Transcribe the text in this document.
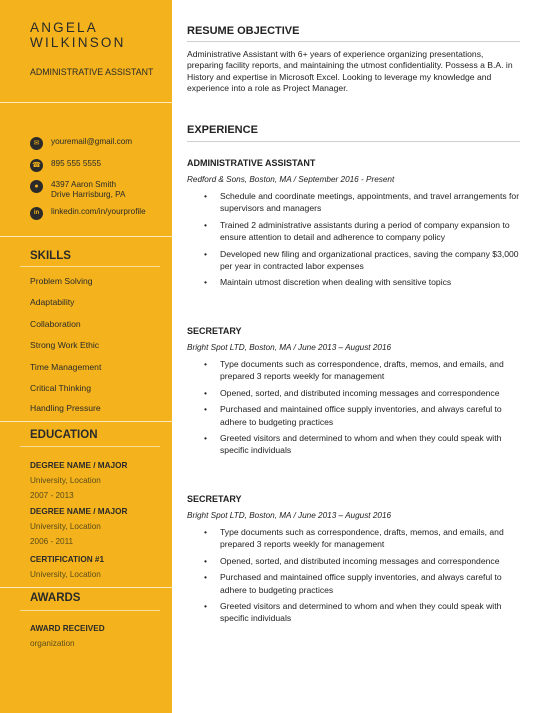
ANGELA
WILKINSON
ADMINISTRATIVE ASSISTANT
✉	youremail@gmail.com
☎ 895 555 5555
●	4397 Aaron Smith
Drive Harrisburg, PA
in	linkedin.com/in/yourprofile
SKILLS
Problem Solving
Adaptability
Collaboration
Strong Work Ethic
Time Management
Critical Thinking
Handling Pressure
EDUCATION
DEGREE NAME / MAJOR
University, Location
2007 - 2013
DEGREE NAME / MAJOR
University, Location
2006 - 2011
CERTIFICATION #1
University, Location
AWARDS
AWARD RECEIVED
organization
RESUME OBJECTIVE
Administrative Assistant with 6+ years of experience organizing presentations, preparing facility reports, and maintaining the utmost confidentiality. Possess a B.A. in History and expertise in Microsoft Excel. Looking to leverage my knowledge and experience into a role as Project Manager.
EXPERIENCE
ADMINISTRATIVE ASSISTANT
Redford & Sons, Boston, MA / September 2016 - Present
• Schedule and coordinate meetings, appointments, and travel arrangements for supervisors and managers
• Trained 2 administrative assistants during a period of company expansion to ensure attention to detail and adherence to company policy
• Developed new filing and organizational practices, saving the company $3,000 per year in contracted labor expenses
• Maintain utmost discretion when dealing with sensitive topics
SECRETARY
Bright Spot LTD, Boston, MA / June 2013 – August 2016
• Type documents such as correspondence, drafts, memos, and emails, and prepared 3 reports weekly for management
• Opened, sorted, and distributed incoming messages and correspondence
• Purchased and maintained office supply inventories, and always careful to adhere to budgeting practices
• Greeted visitors and determined to whom and when they could speak with specific individuals
SECRETARY
Bright Spot LTD, Boston, MA / June 2013 – August 2016
• Type documents such as correspondence, drafts, memos, and emails, and prepared 3 reports weekly for management
• Opened, sorted, and distributed incoming messages and correspondence
• Purchased and maintained office supply inventories, and always careful to adhere to budgeting practices
• Greeted visitors and determined to whom and when they could speak with specific individuals
